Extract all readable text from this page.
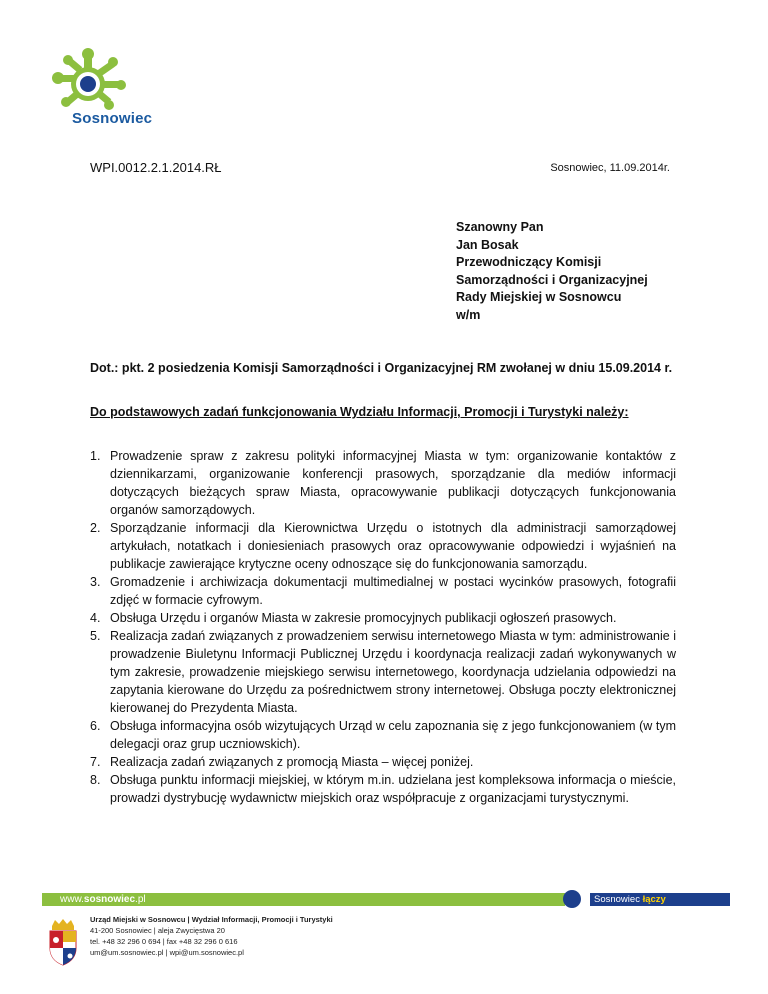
Sosnowiec
WPI.0012.2.1.2014.RŁ	Sosnowiec, 11.09.2014r.
Szanowny Pan
Jan Bosak
Przewodniczący Komisji
Samorządności i Organizacyjnej
Rady Miejskiej w Sosnowcu
w/m
Dot.: pkt. 2 posiedzenia Komisji Samorządności i Organizacyjnej RM zwołanej w dniu 15.09.2014 r.
Do podstawowych zadań funkcjonowania Wydziału Informacji, Promocji i Turystyki należy:
1. Prowadzenie spraw z zakresu polityki informacyjnej Miasta w tym: organizowanie kontaktów z dziennikarzami, organizowanie konferencji prasowych, sporządzanie dla mediów informacji dotyczących bieżących spraw Miasta, opracowywanie publikacji dotyczących funkcjonowania organów samorządowych.
2. Sporządzanie informacji dla Kierownictwa Urzędu o istotnych dla administracji samorządowej artykułach, notatkach i doniesieniach prasowych oraz opracowywanie odpowiedzi i wyjaśnień na publikacje zawierające krytyczne oceny odnoszące się do funkcjonowania samorządu.
3. Gromadzenie i archiwizacja dokumentacji multimedialnej w postaci wycinków prasowych, fotografii zdjęć w formacie cyfrowym.
4. Obsługa Urzędu i organów Miasta w zakresie promocyjnych publikacji ogłoszeń prasowych.
5. Realizacja zadań związanych z prowadzeniem serwisu internetowego Miasta w tym: administrowanie i prowadzenie Biuletynu Informacji Publicznej Urzędu i koordynacja realizacji zadań wykonywanych w tym zakresie, prowadzenie miejskiego serwisu internetowego, koordynacja udzielania odpowiedzi na zapytania kierowane do Urzędu za pośrednictwem strony internetowej. Obsługa poczty elektronicznej kierowanej do Prezydenta Miasta.
6. Obsługa informacyjna osób wizytujących Urząd w celu zapoznania się z jego funkcjonowaniem (w tym delegacji oraz grup uczniowskich).
7. Realizacja zadań związanych z promocją Miasta – więcej poniżej.
8. Obsługa punktu informacji miejskiej, w którym m.in. udzielana jest kompleksowa informacja o mieście, prowadzi dystrybucję wydawnictw miejskich oraz współpracuje z organizacjami turystycznymi.
www.sosnowiec.pl	Sosnowiec łączy
Urząd Miejski w Sosnowcu | Wydział Informacji, Promocji i Turystyki
41-200 Sosnowiec | aleja Zwycięstwa 20
tel. +48 32 296 0 694 | fax +48 32 296 0 616
um@um.sosnowiec.pl | wpi@um.sosnowiec.pl
